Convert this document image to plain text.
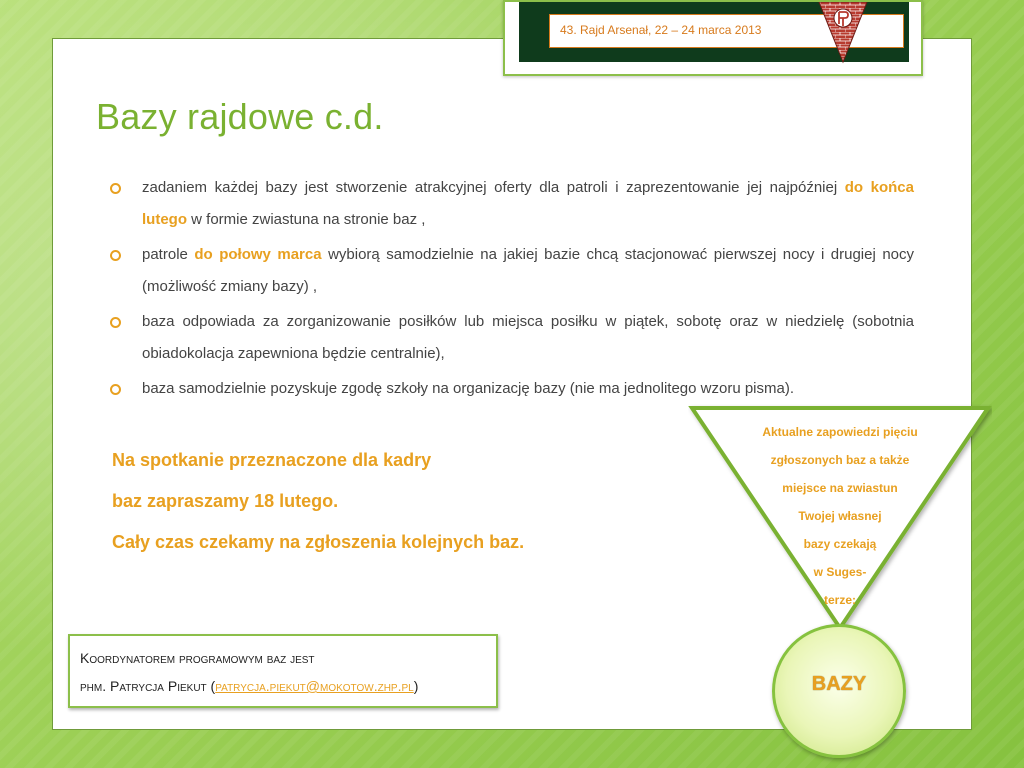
43. Rajd Arsenał, 22 – 24 marca 2013
Bazy rajdowe c.d.
zadaniem każdej bazy jest stworzenie atrakcyjnej oferty dla patroli i zaprezentowanie jej najpóźniej do końca lutego w formie zwiastuna na stronie baz ,
patrole do połowy marca wybiorą samodzielnie na jakiej bazie chcą stacjonować pierwszej nocy i drugiej nocy (możliwość zmiany bazy) ,
baza odpowiada za zorganizowanie posiłków lub miejsca posiłku w piątek, sobotę oraz w niedzielę (sobotnia obiadokolacja zapewniona będzie centralnie),
baza samodzielnie pozyskuje zgodę szkoły na organizację bazy (nie ma jednolitego wzoru pisma).
Na spotkanie przeznaczone dla kadry
baz zapraszamy 18 lutego.
Cały czas czekamy na zgłoszenia kolejnych baz.
Koordynatorem programowym baz jest
phm. Patrycja Piekut (patrycja.piekut@mokotow.zhp.pl)
Aktualne zapowiedzi pięciu
zgłoszonych baz a także
miejsce na zwiastun
Twojej własnej
bazy czekają
w Suges-
terze:
BAZY
